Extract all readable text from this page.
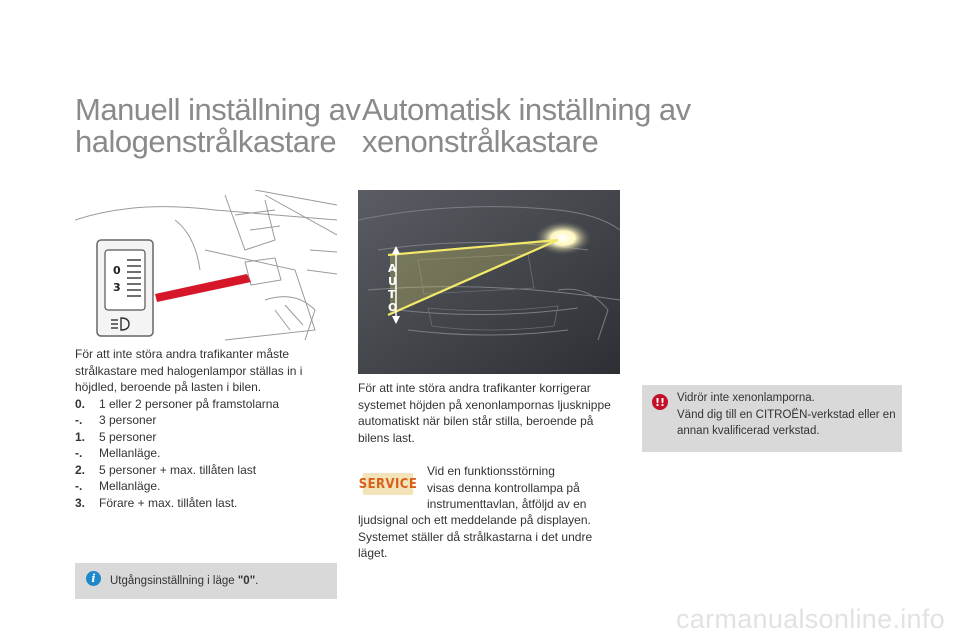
Manuell inställning av
halogenstrålkastare
Automatisk inställning av xenonstrålkastare
0
3
För att inte störa andra trafikanter måste strålkastare med halogenlampor ställas in i höjdled, beroende på lasten i bilen.
0.	1 eller 2 personer på framstolarna
-.	3 personer
1.	5 personer
-.	Mellanläge.
2.	5 personer + max. tillåten last
-.	Mellanläge.
3.	Förare + max. tillåten last.
i	Utgångsinställning i läge "0".
A
U
T
O
För att inte störa andra trafikanter korrigerar systemet höjden på xenonlampornas ljusknippe automatiskt när bilen står stilla, beroende på bilens last.
SERVICE
Vid en funktionsstörning
visas denna kontrollampa på
instrumenttavlan, åtföljd av en
ljudsignal och ett meddelande på displayen. Systemet ställer då strålkastarna i det undre läget.
!! Vidrör inte xenonlamporna.
Vänd dig till en CITROËN-verkstad eller en annan kvalificerad verkstad.
carmanualsonline.info
